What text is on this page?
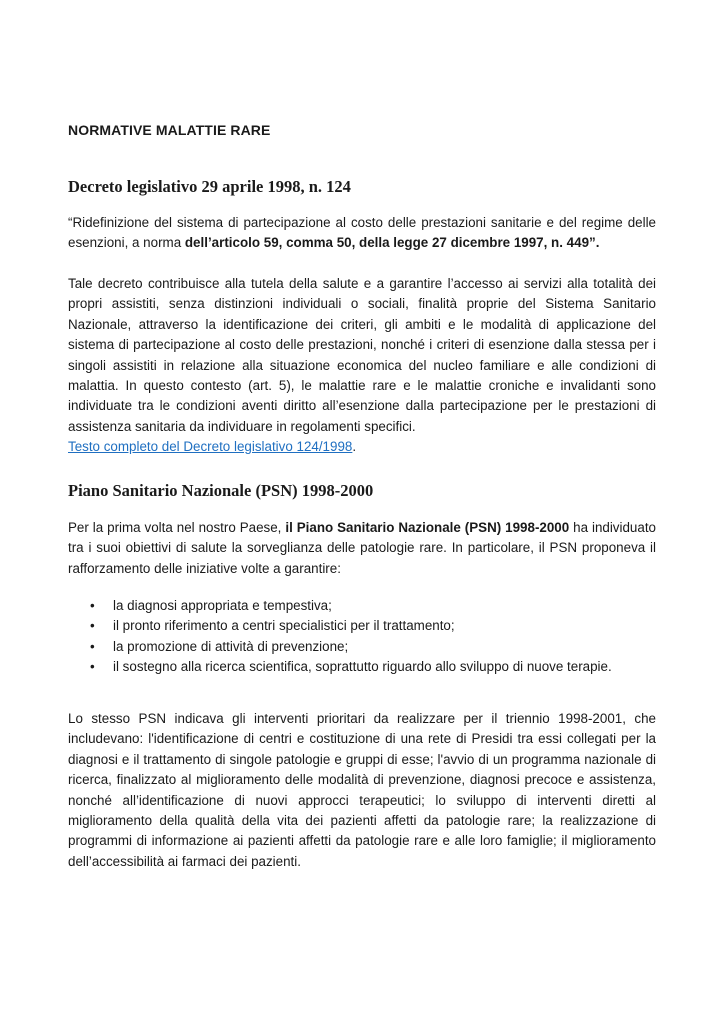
NORMATIVE MALATTIE RARE
Decreto legislativo 29 aprile 1998, n. 124

“Ridefinizione del sistema di partecipazione al costo delle prestazioni sanitarie e del regime delle esenzioni, a norma dell’articolo 59, comma 50, della legge 27 dicembre 1997, n. 449”.

Tale decreto contribuisce alla tutela della salute e a garantire l’accesso ai servizi alla totalità dei propri assistiti, senza distinzioni individuali o sociali, finalità proprie del Sistema Sanitario Nazionale, attraverso la identificazione dei criteri, gli ambiti e le modalità di applicazione del sistema di partecipazione al costo delle prestazioni, nonché i criteri di esenzione dalla stessa per i singoli assistiti in relazione alla situazione economica del nucleo familiare e alle condizioni di malattia. In questo contesto (art. 5), le malattie rare e le malattie croniche e invalidanti sono individuate tra le condizioni aventi diritto all’esenzione dalla partecipazione per le prestazioni di assistenza sanitaria da individuare in regolamenti specifici.
Testo completo del Decreto legislativo 124/1998.

Piano Sanitario Nazionale (PSN) 1998-2000

Per la prima volta nel nostro Paese, il Piano Sanitario Nazionale (PSN) 1998-2000 ha individuato tra i suoi obiettivi di salute la sorveglianza delle patologie rare. In particolare, il PSN proponeva il rafforzamento delle iniziative volte a garantire:

• la diagnosi appropriata e tempestiva;
• il pronto riferimento a centri specialistici per il trattamento;
• la promozione di attività di prevenzione;
• il sostegno alla ricerca scientifica, soprattutto riguardo allo sviluppo di nuove terapie.

Lo stesso PSN indicava gli interventi prioritari da realizzare per il triennio 1998-2001, che includevano: l'identificazione di centri e costituzione di una rete di Presidi tra essi collegati per la diagnosi e il trattamento di singole patologie e gruppi di esse; l'avvio di un programma nazionale di ricerca, finalizzato al miglioramento delle modalità di prevenzione, diagnosi precoce e assistenza, nonché all’identificazione di nuovi approcci terapeutici; lo sviluppo di interventi diretti al miglioramento della qualità della vita dei pazienti affetti da patologie rare; la realizzazione di programmi di informazione ai pazienti affetti da patologie rare e alle loro famiglie; il miglioramento dell’accessibilità ai farmaci dei pazienti.
